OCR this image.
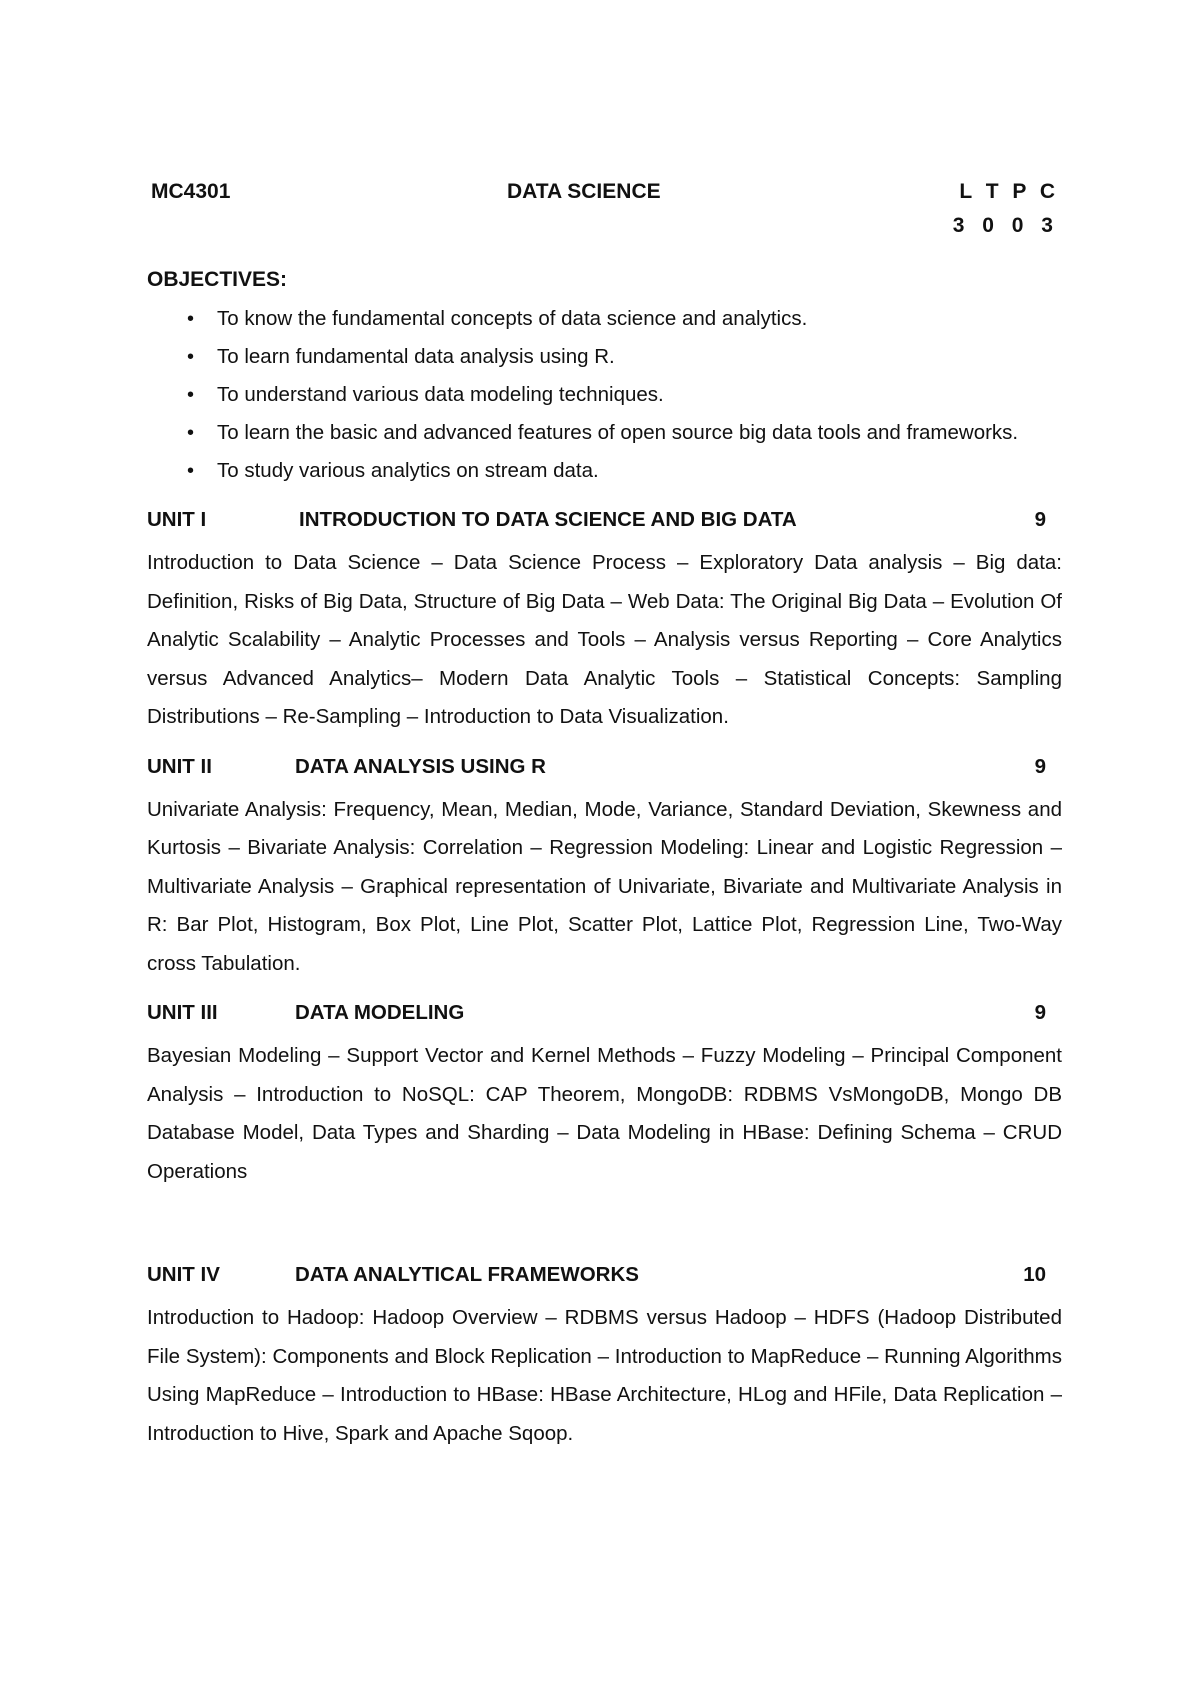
MC4301	DATA SCIENCE	L T P C
3 0 0 3
OBJECTIVES:
• To know the fundamental concepts of data science and analytics.
• To learn fundamental data analysis using R.
• To understand various data modeling techniques.
• To learn the basic and advanced features of open source big data tools and frameworks.
• To study various analytics on stream data.
UNIT I	INTRODUCTION TO DATA SCIENCE AND BIG DATA	9

Introduction to Data Science – Data Science Process – Exploratory Data analysis – Big data: Definition, Risks of Big Data, Structure of Big Data – Web Data: The Original Big Data – Evolution Of Analytic Scalability – Analytic Processes and Tools – Analysis versus Reporting – Core Analytics versus Advanced Analytics– Modern Data Analytic Tools – Statistical Concepts: Sampling Distributions – Re-Sampling – Introduction to Data Visualization.

UNIT II	DATA ANALYSIS USING R	9

Univariate Analysis: Frequency, Mean, Median, Mode, Variance, Standard Deviation, Skewness and Kurtosis – Bivariate Analysis: Correlation – Regression Modeling: Linear and Logistic Regression – Multivariate Analysis – Graphical representation of Univariate, Bivariate and Multivariate Analysis in R: Bar Plot, Histogram, Box Plot, Line Plot, Scatter Plot, Lattice Plot, Regression Line, Two-Way cross Tabulation.

UNIT III	DATA MODELING	9

Bayesian Modeling – Support Vector and Kernel Methods – Fuzzy Modeling – Principal Component Analysis – Introduction to NoSQL: CAP Theorem, MongoDB: RDBMS VsMongoDB, Mongo DB Database Model, Data Types and Sharding – Data Modeling in HBase: Defining Schema – CRUD Operations

UNIT IV	DATA ANALYTICAL FRAMEWORKS	10

Introduction to Hadoop: Hadoop Overview – RDBMS versus Hadoop – HDFS (Hadoop Distributed File System): Components and Block Replication – Introduction to MapReduce – Running Algorithms Using MapReduce – Introduction to HBase: HBase Architecture, HLog and HFile, Data Replication – Introduction to Hive, Spark and Apache Sqoop.
